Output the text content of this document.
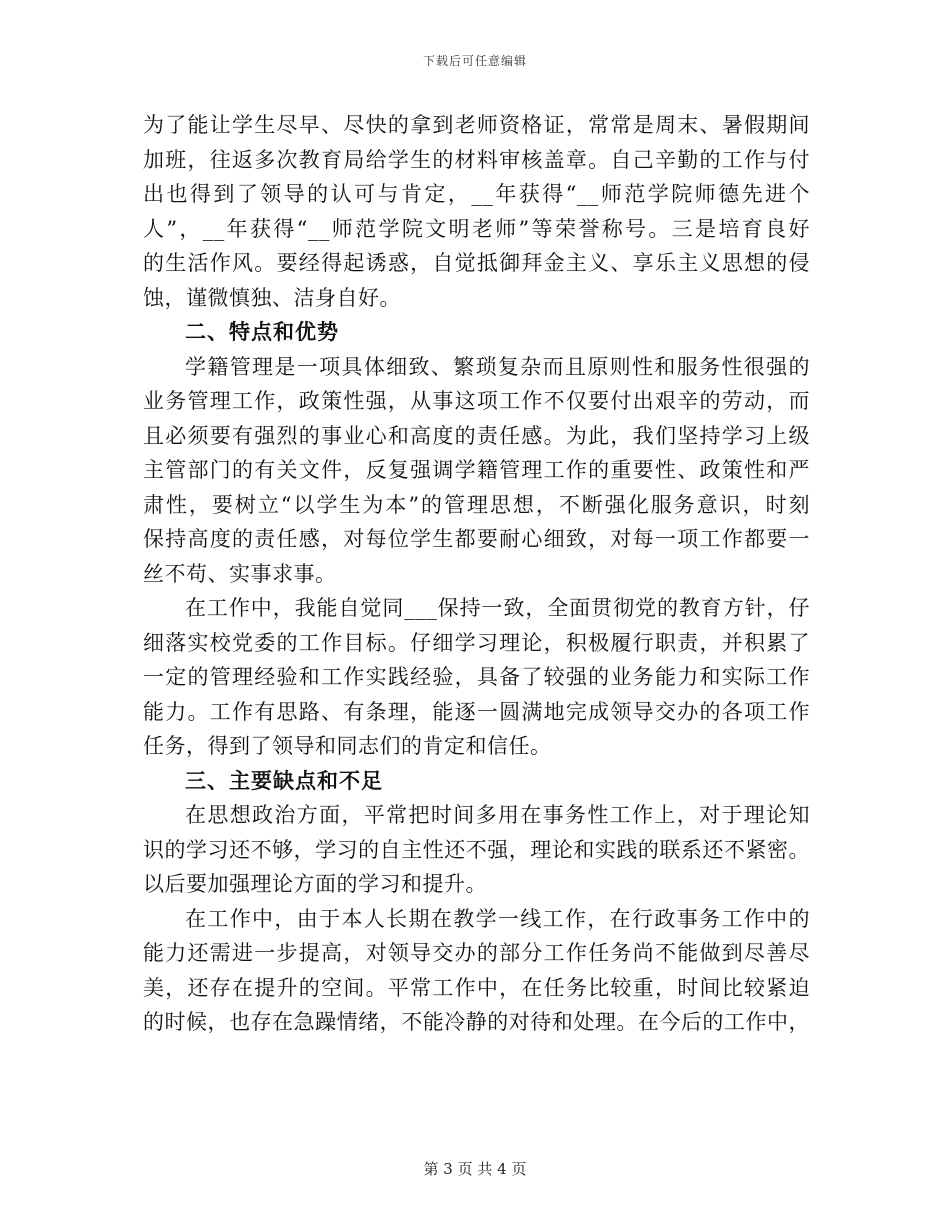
下载后可任意编辑
为了能让学生尽早、尽快的拿到老师资格证，常常是周末、暑假期间
加班，往返多次教育局给学生的材料审核盖章。自己辛勤的工作与付
出也得到了领导的认可与肯定，__年获得“__师范学院师德先进个
人”，__年获得“__师范学院文明老师”等荣誉称号。三是培育良好
的生活作风。要经得起诱惑，自觉抵御拜金主义、享乐主义思想的侵
蚀，谨微慎独、洁身自好。
二、特点和优势
学籍管理是一项具体细致、繁琐复杂而且原则性和服务性很强的
业务管理工作，政策性强，从事这项工作不仅要付出艰辛的劳动，而
且必须要有强烈的事业心和高度的责任感。为此，我们坚持学习上级
主管部门的有关文件，反复强调学籍管理工作的重要性、政策性和严
肃性，要树立“以学生为本”的管理思想，不断强化服务意识，时刻
保持高度的责任感，对每位学生都要耐心细致，对每一项工作都要一
丝不苟、实事求事。
在工作中，我能自觉同___保持一致，全面贯彻党的教育方针，仔
细落实校党委的工作目标。仔细学习理论，积极履行职责，并积累了
一定的管理经验和工作实践经验，具备了较强的业务能力和实际工作
能力。工作有思路、有条理，能逐一圆满地完成领导交办的各项工作
任务，得到了领导和同志们的肯定和信任。
三、主要缺点和不足
在思想政治方面，平常把时间多用在事务性工作上，对于理论知
识的学习还不够，学习的自主性还不强，理论和实践的联系还不紧密。
以后要加强理论方面的学习和提升。
在工作中，由于本人长期在教学一线工作，在行政事务工作中的
能力还需进一步提高，对领导交办的部分工作任务尚不能做到尽善尽
美，还存在提升的空间。平常工作中，在任务比较重，时间比较紧迫
的时候，也存在急躁情绪，不能冷静的对待和处理。在今后的工作中，
第 3 页 共 4 页
